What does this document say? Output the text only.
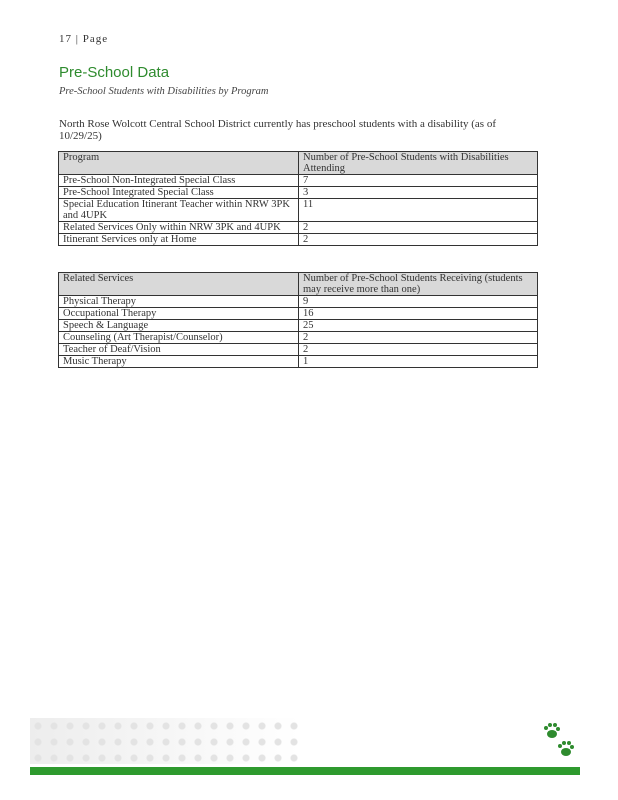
17 | Page
Pre-School Data
Pre-School Students with Disabilities by Program
North Rose Wolcott Central School District currently has preschool students with a disability (as of 10/29/25)
Program	Number of Pre-School Students with Disabilities Attending
Pre-School Non-Integrated Special Class	7
Pre-School Integrated Special Class	3
Special Education Itinerant Teacher within NRW 3PK and 4UPK	11
Related Services Only within NRW 3PK and 4UPK	2
Itinerant Services only at Home	2
Related Services	Number of Pre-School Students Receiving (students may receive more than one)
Physical Therapy	9
Occupational Therapy	16
Speech & Language	25
Counseling (Art Therapist/Counselor)	2
Teacher of Deaf/Vision	2
Music Therapy	1
